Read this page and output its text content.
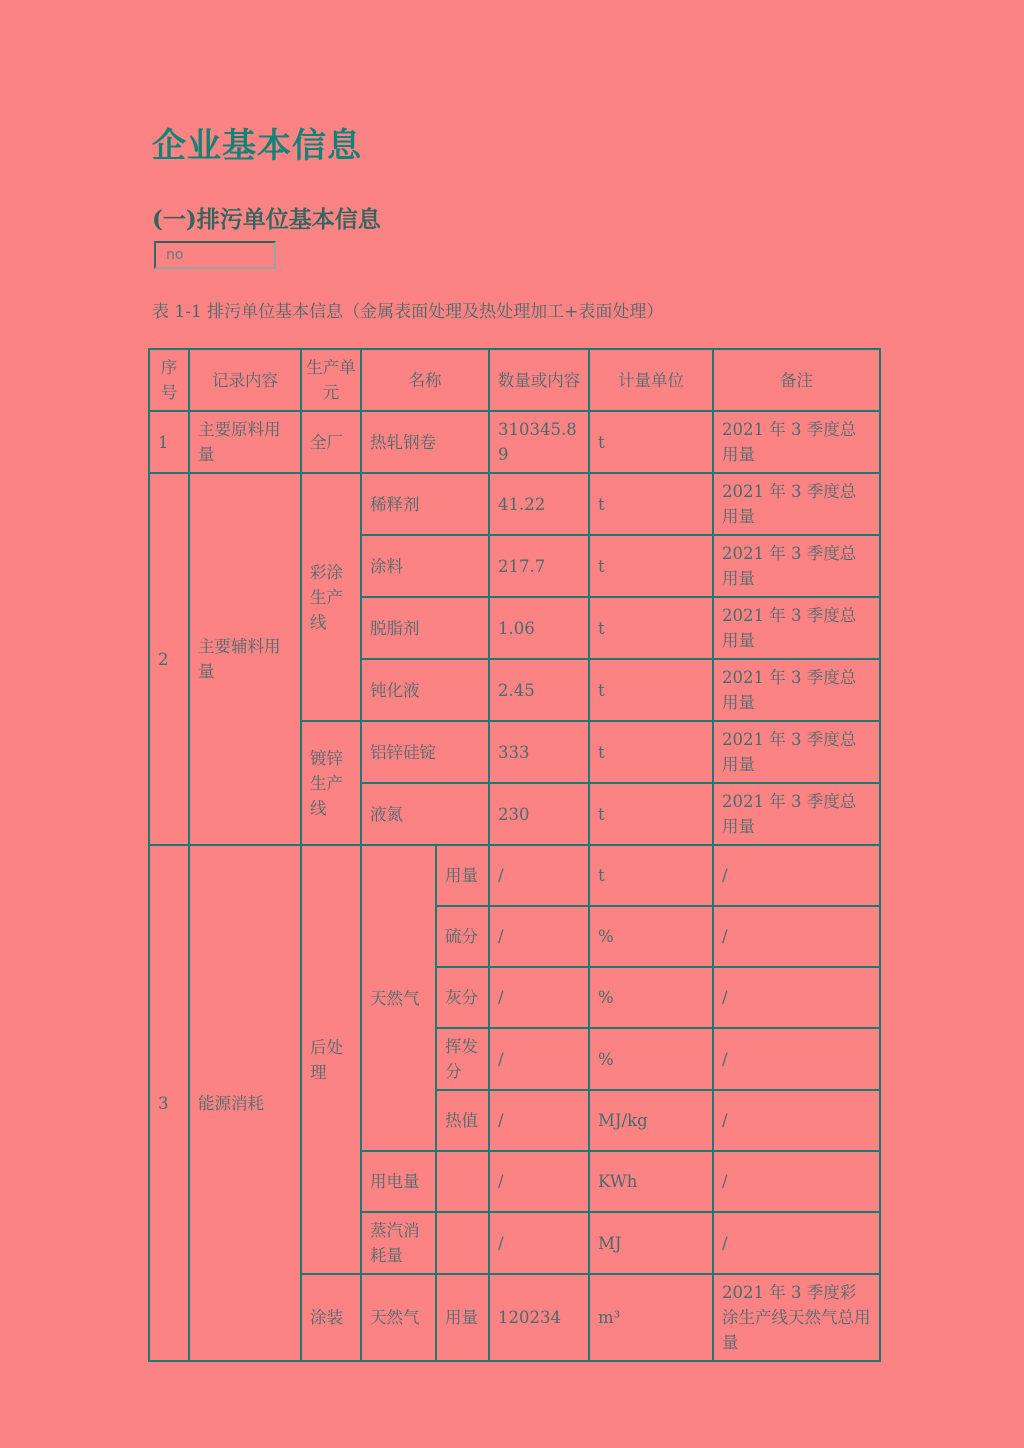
企业基本信息
(一)排污单位基本信息
no
表 1-1 排污单位基本信息（金属表面处理及热处理加工+表面处理）
序号	记录内容	生产单元	名称		数量或内容	计量单位	备注
1	主要原料用量	全厂	热轧钢卷		310345.89	t	2021 年 3 季度总用量
2	主要辅料用量	彩涂生产线	稀释剂		41.22	t	2021 年 3 季度总用量
			涂料		217.7	t	2021 年 3 季度总用量
			脱脂剂		1.06	t	2021 年 3 季度总用量
			钝化液		2.45	t	2021 年 3 季度总用量
		镀锌生产线	铝锌硅锭		333	t	2021 年 3 季度总用量
			液氮		230	t	2021 年 3 季度总用量
3	能源消耗	后处理	天然气	用量	/	t	/
				硫分	/	%	/
				灰分	/	%	/
				挥发分	/	%	/
				热值	/	MJ/kg	/
			用电量		/	KWh	/
			蒸汽消耗量		/	MJ	/
		涂装	天然气	用量	120234	m³	2021 年 3 季度彩涂生产线天然气总用量
